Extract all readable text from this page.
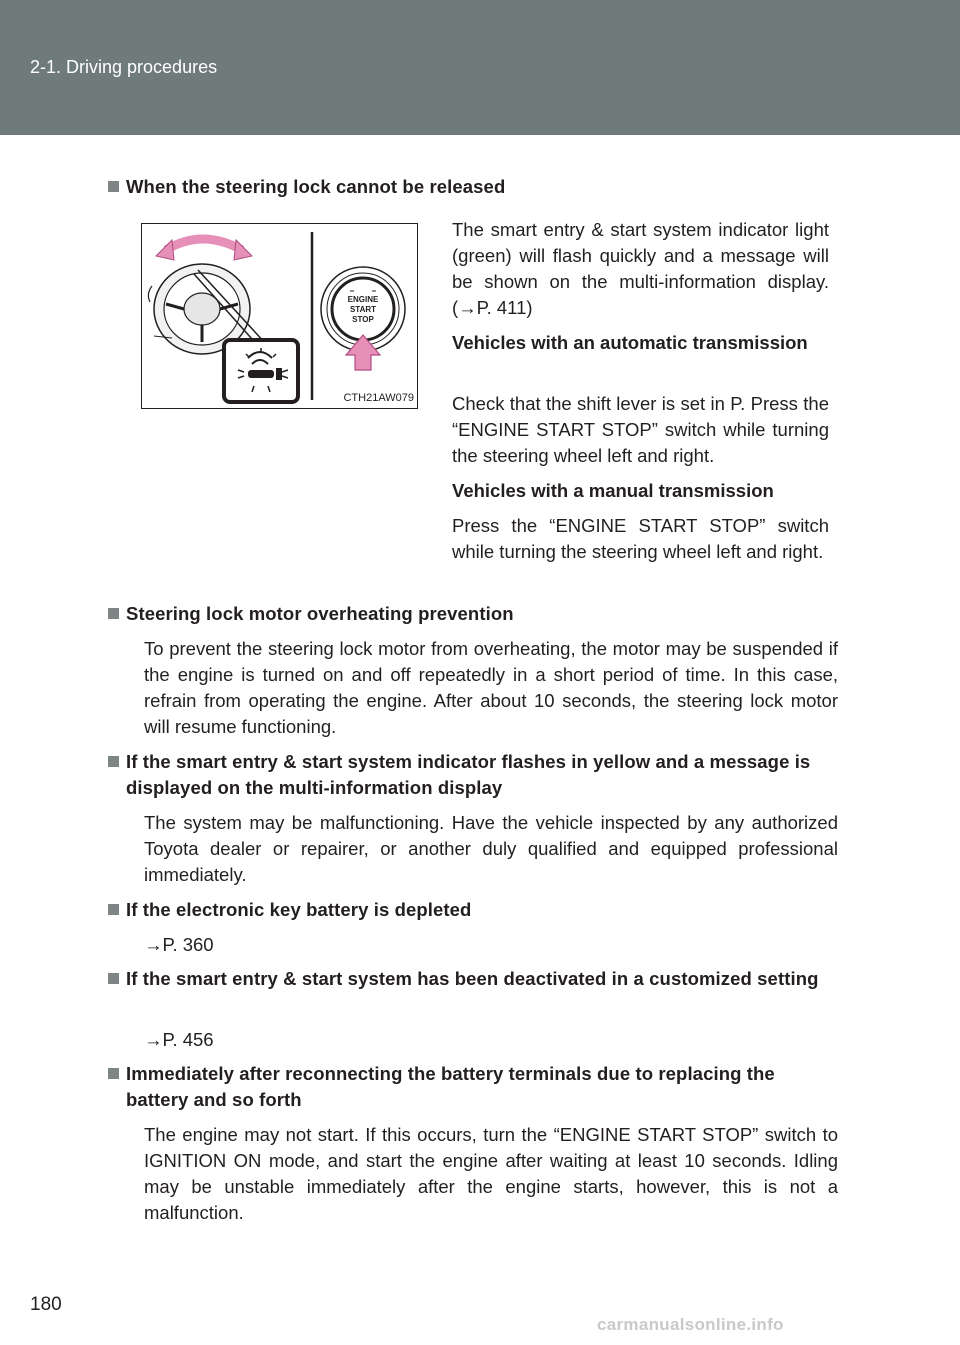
2-1. Driving procedures
When the steering lock cannot be released
ENGINE
START
STOP
CTH21AW079
The smart entry & start system indicator light (green) will flash quickly and a message will be shown on the multi-information display. (→P. 411)
Vehicles with an automatic transmission
Check that the shift lever is set in P. Press the “ENGINE START STOP” switch while turning the steering wheel left and right.
Vehicles with a manual transmission
Press the “ENGINE START STOP” switch while turning the steering wheel left and right.
Steering lock motor overheating prevention
To prevent the steering lock motor from overheating, the motor may be suspended if the engine is turned on and off repeatedly in a short period of time. In this case, refrain from operating the engine. After about 10 seconds, the steering lock motor will resume functioning.
If the smart entry & start system indicator flashes in yellow and a message is displayed on the multi-information display
The system may be malfunctioning. Have the vehicle inspected by any authorized Toyota dealer or repairer, or another duly qualified and equipped professional immediately.
If the electronic key battery is depleted
→P. 360
If the smart entry & start system has been deactivated in a customized setting
→P. 456
Immediately after reconnecting the battery terminals due to replacing the battery and so forth
The engine may not start. If this occurs, turn the “ENGINE START STOP” switch to IGNITION ON mode, and start the engine after waiting at least 10 seconds. Idling may be unstable immediately after the engine starts, however, this is not a malfunction.
180
carmanualsonline.info
